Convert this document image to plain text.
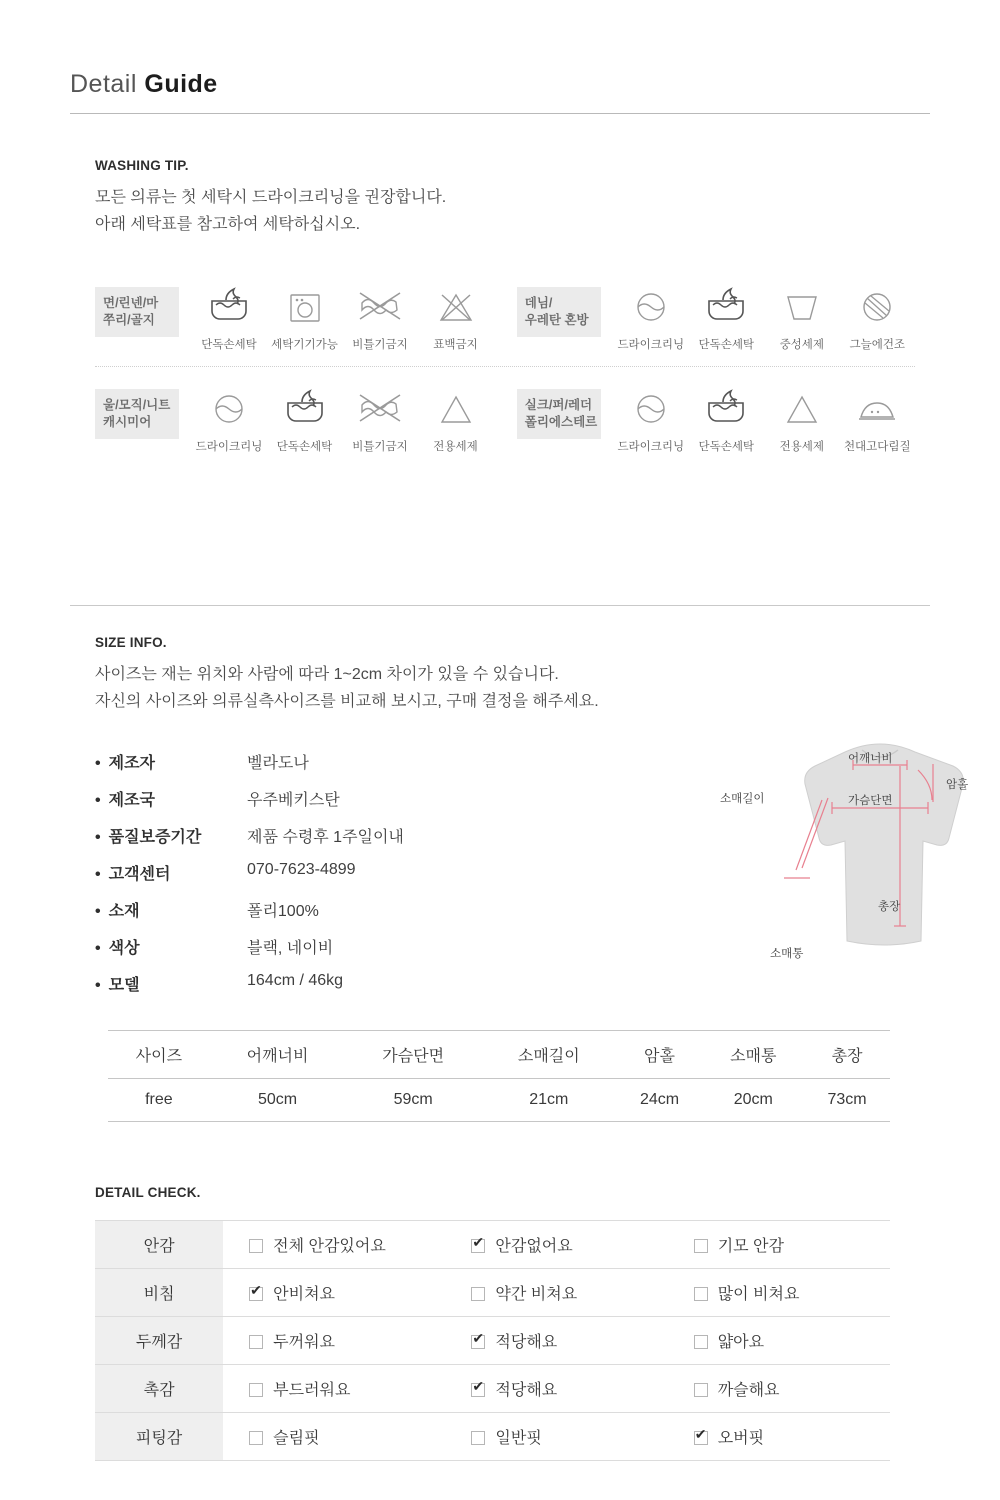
Detail Guide
WASHING TIP.
모든 의류는 첫 세탁시 드라이크리닝을 권장합니다.
아래 세탁표를 참고하여 세탁하십시오.
면/린넨/마
쭈리/골지
단독손세탁	세탁기기가능	비틀기금지	표백금지
데님/
우레탄 혼방
드라이크리닝	단독손세탁	중성세제	그늘에건조
울/모직/니트
캐시미어
드라이크리닝	단독손세탁	비틀기금지	전용세제
실크/퍼/레더
폴리에스테르
드라이크리닝	단독손세탁	전용세제	천대고다림질
SIZE INFO.
사이즈는 재는 위치와 사람에 따라 1~2cm 차이가 있을 수 있습니다.
자신의 사이즈와 의류실측사이즈를 비교해 보시고, 구매 결정을 해주세요.
• 제조자	벨라도나
• 제조국	우주베키스탄
• 품질보증기간	제품 수령후 1주일이내
• 고객센터	070-7623-4899
• 소재	폴리100%
• 색상	블랙, 네이비
• 모델	164cm / 46kg
어깨너비
암홀
소매길이	가슴단면
총장
소매통
사이즈	어깨너비	가슴단면	소매길이	암홀	소매통	총장
free	50cm	59cm	21cm	24cm	20cm	73cm
DETAIL CHECK.
안감	전체 안감있어요	✔안감없어요	기모 안감
비침	✔안비쳐요	약간 비쳐요	많이 비쳐요
두께감	두꺼워요	✔적당해요	얇아요
촉감	부드러워요	✔적당해요	까슬해요
피팅감	슬림핏	일반핏	✔오버핏
